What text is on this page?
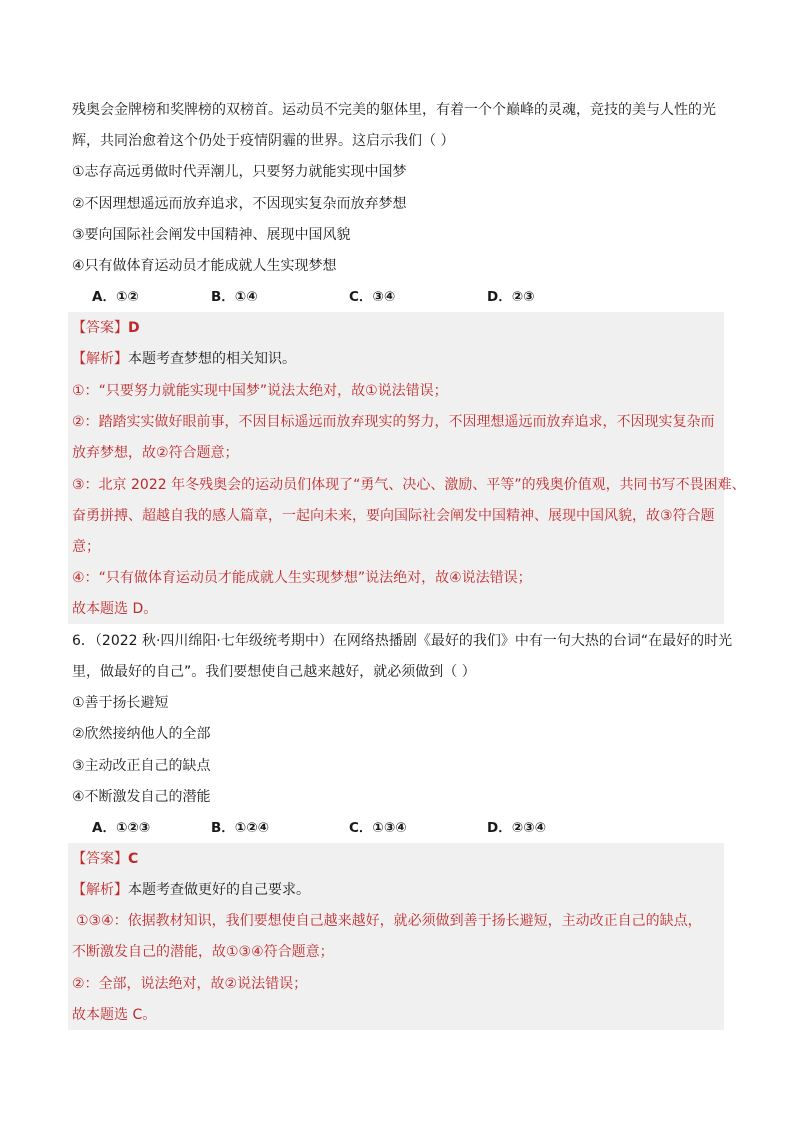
残奥会金牌榜和奖牌榜的双榜首。运动员不完美的躯体里，有着一个个巅峰的灵魂，竞技的美与人性的光
辉，共同治愈着这个仍处于疫情阴霾的世界。这启示我们（ ）
①志存高远勇做时代弄潮儿，只要努力就能实现中国梦
②不因理想遥远而放弃追求，不因现实复杂而放弃梦想
③要向国际社会阐发中国精神、展现中国风貌
④只有做体育运动员才能成就人生实现梦想
A．①②	B．①④	C．③④	D．②③
【答案】D
【解析】本题考查梦想的相关知识。
①：“只要努力就能实现中国梦”说法太绝对，故①说法错误；
②：踏踏实实做好眼前事，不因目标遥远而放弃现实的努力，不因理想遥远而放弃追求，不因现实复杂而
放弃梦想，故②符合题意；
③：北京 2022 年冬残奥会的运动员们体现了“勇气、决心、激励、平等”的残奥价值观，共同书写不畏困难、
奋勇拼搏、超越自我的感人篇章，一起向未来，要向国际社会阐发中国精神、展现中国风貌，故③符合题
意；
④：“只有做体育运动员才能成就人生实现梦想”说法绝对，故④说法错误；
故本题选 D。
6．（2022 秋·四川绵阳·七年级统考期中）在网络热播剧《最好的我们》中有一句大热的台词“在最好的时光
里，做最好的自己”。我们要想使自己越来越好，就必须做到（ ）
①善于扬长避短
②欣然接纳他人的全部
③主动改正自己的缺点
④不断激发自己的潜能
A．①②③	B．①②④	C．①③④	D．②③④
【答案】C
【解析】本题考查做更好的自己要求。
①③④：依据教材知识，我们要想使自己越来越好，就必须做到善于扬长避短，主动改正自己的缺点，
不断激发自己的潜能，故①③④符合题意；
②：全部，说法绝对，故②说法错误；
故本题选 C。
